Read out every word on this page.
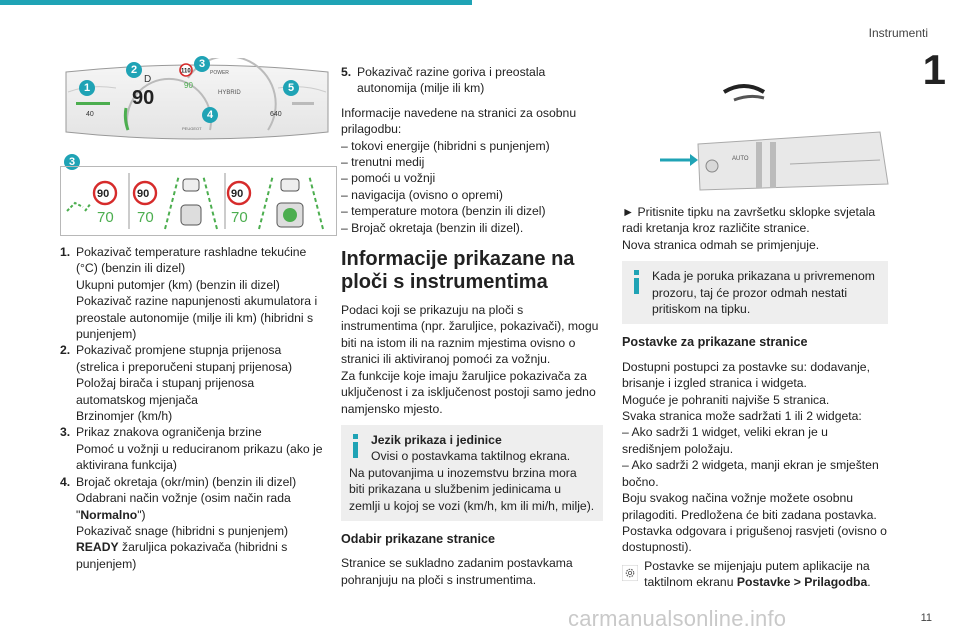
Instrumenti
1
90
D
110
90
HYBRID
POWER
40	640
PEUGEOT
1
2	3
4
5
3
90
70
90
70
90
70
1. Pokazivač temperature rashladne tekućine (°C) (benzin ili dizel)
Ukupni putomjer (km) (benzin ili dizel)
Pokazivač razine napunjenosti akumulatora i preostale autonomije (milje ili km) (hibridni s punjenjem)
2. Pokazivač promjene stupnja prijenosa (strelica i preporučeni stupanj prijenosa)
Položaj birača i stupanj prijenosa automatskog mjenjača
Brzinomjer (km/h)
3. Prikaz znakova ograničenja brzine
Pomoć u vožnji u reduciranom prikazu (ako je aktivirana funkcija)
4. Brojač okretaja (okr/min) (benzin ili dizel)
Odabrani način vožnje (osim način rada
"Normalno")
Pokazivač snage (hibridni s punjenjem)
READY žaruljica pokazivača (hibridni s punjenjem)
5. Pokazivač razine goriva i preostala autonomija (milje ili km)
Informacije navedene na stranici za osobnu prilagodbu:
– tokovi energije (hibridni s punjenjem)
– trenutni medij
– pomoći u vožnji
– navigacija (ovisno o opremi)
– temperature motora (benzin ili dizel)
– Brojač okretaja (benzin ili dizel).
Informacije prikazane na ploči s instrumentima
Podaci koji se prikazuju na ploči s instrumentima (npr. žaruljice, pokazivači), mogu biti na istom ili na raznim mjestima ovisno o stranici ili aktiviranoj pomoći za vožnju.

Za funkcije koje imaju žaruljice pokazivača za uključenost i za isključenost postoji samo jedno namjensko mjesto.

Jezik prikaza i jedinice
Ovisi o postavkama taktilnog ekrana.
Na putovanjima u inozemstvu brzina mora biti prikazana u službenim jedinicama u zemlji u kojoj se vozi (km/h, km ili mi/h, milje).
Odabir prikazane stranice
Stranice se sukladno zadanim postavkama pohranjuju na ploči s instrumentima.
AUTO
► Pritisnite tipku na završetku sklopke svjetala radi kretanja kroz različite stranice.

Nova stranica odmah se primjenjuje.

Kada je poruka prikazana u privremenom prozoru, taj će prozor odmah nestati pritiskom na tipku.
Postavke za prikazane stranice
Dostupni postupci za postavke su: dodavanje, brisanje i izgled stranica i widgeta.
Moguće je pohraniti najviše 5 stranica.
Svaka stranica može sadržati 1 ili 2 widgeta:
– Ako sadrži 1 widget, veliki ekran je u središnjem položaju.
– Ako sadrži 2 widgeta, manji ekran je smješten bočno.
Boju svakog načina vožnje možete osobnu prilagoditi. Predložena će biti zadana postavka.
Postavka odgovara i prigušenoj rasvjeti (ovisno o dostupnosti).
Postavke se mijenjaju putem aplikacije na taktilnom ekranu Postavke > Prilagodba.
carmanualsonline.info	11
